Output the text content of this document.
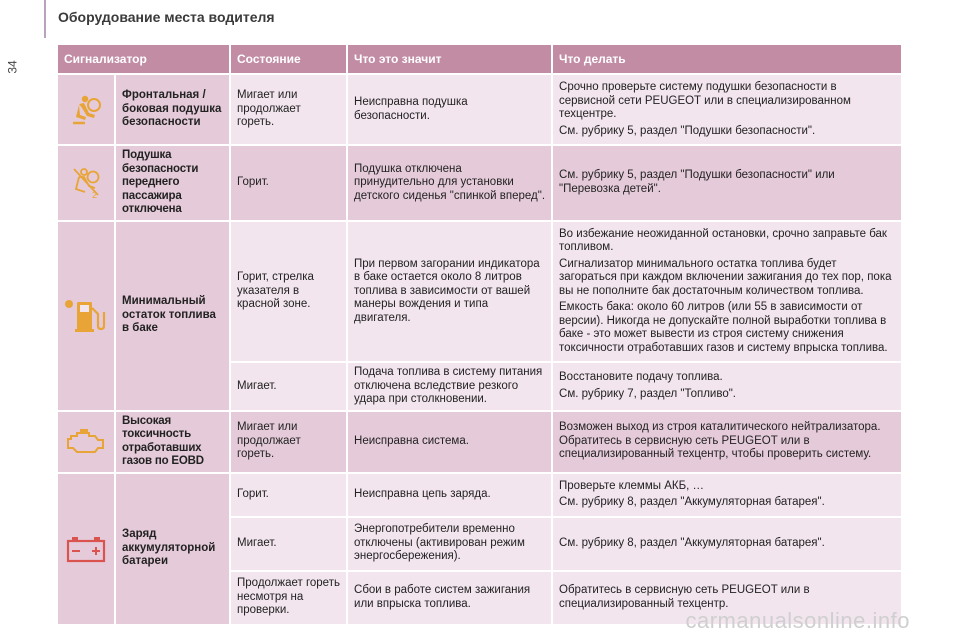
Оборудование места водителя
34
Сигнализатор		Состояние	Что это значит	Что делать

	Фронтальная / боковая подушка безопасности	Мигает или продолжает гореть.	Неисправна подушка безопасности.	Срочно проверьте систему подушки безопасности в сервисной сети PEUGEOT или в специализированном техцентре.
См. рубрику 5, раздел "Подушки безопасности".

2	Подушка безопасности переднего пассажира отключена	Горит.	Подушка отключена принудительно для установки детского сиденья "спинкой вперед".	См. рубрику 5, раздел "Подушки безопасности" или "Перевозка детей".

	Минимальный остаток топлива в баке	Горит, стрелка указателя в красной зоне.	При первом загорании индикатора в баке остается около 8 литров топлива в зависимости от вашей манеры вождения и типа двигателя.	Во избежание неожиданной остановки, срочно заправьте бак топливом.
Сигнализатор минимального остатка топлива будет загораться при каждом включении зажигания до тех пор, пока вы не пополните бак достаточным количеством топлива.
Емкость бака: около 60 литров (или 55 в зависимости от версии). Никогда не допускайте полной выработки топлива в баке - это может вывести из строя систему снижения токсичности отработавших газов и систему впрыска топлива.

		Мигает.	Подача топлива в систему питания отключена вследствие резкого удара при столкновении.	Восстановите подачу топлива.
См. рубрику 7, раздел "Топливо".

	Высокая токсичность отработавших газов по EOBD	Мигает или продолжает гореть.	Неисправна система.	Возможен выход из строя каталитического нейтрализатора. Обратитесь в сервисную сеть PEUGEOT или в специализированный техцентр, чтобы проверить систему.

	Заряд аккумуляторной батареи	Горит.	Неисправна цепь заряда.	Проверьте клеммы АКБ, …
См. рубрику 8, раздел "Аккумуляторная батарея".

		Мигает.	Энергопотребители временно отключены (активирован режим энергосбережения).	См. рубрику 8, раздел "Аккумуляторная батарея".

		Продолжает гореть несмотря на проверки.	Сбои в работе систем зажигания или впрыска топлива.	Обратитесь в сервисную сеть PEUGEOT или в специализированный техцентр.
carmanualsonline.info
